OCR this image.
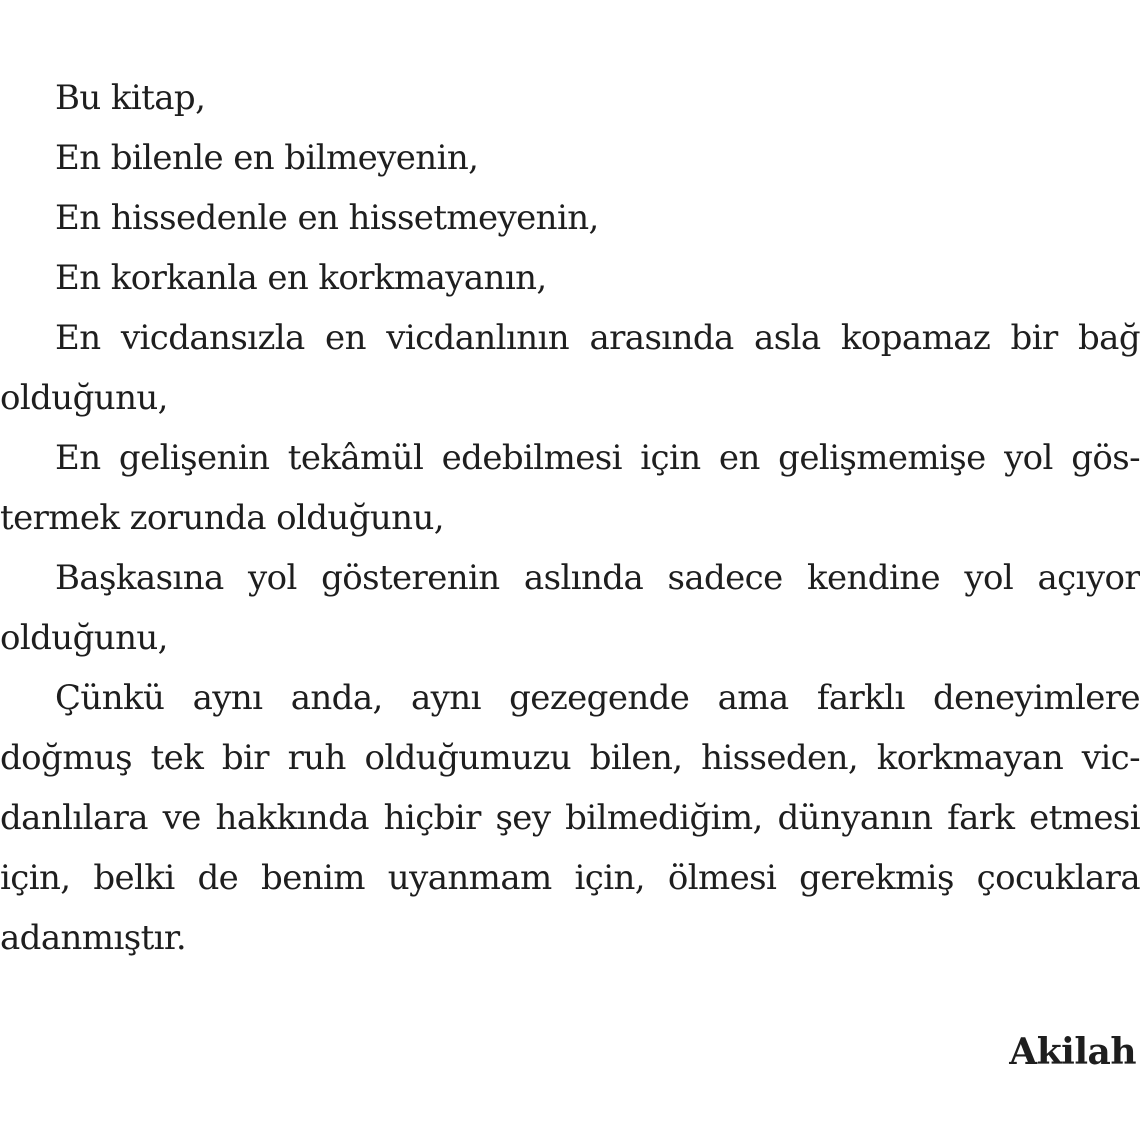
Bu kitap,
En bilenle en bilmeyenin,
En hissedenle en hissetmeyenin,
En korkanla en korkmayanın,
En vicdansızla en vicdanlının arasında asla kopamaz bir bağ
olduğunu,
En gelişenin tekâmül edebilmesi için en gelişmemişe yol gös-
termek zorunda olduğunu,
Başkasına yol gösterenin aslında sadece kendine yol açıyor
olduğunu,
Çünkü aynı anda, aynı gezegende ama farklı deneyimlere
doğmuş tek bir ruh olduğumuzu bilen, hisseden, korkmayan vic-
danlılara ve hakkında hiçbir şey bilmediğim, dünyanın fark etmesi
için, belki de benim uyanmam için, ölmesi gerekmiş çocuklara
adanmıştır.
Akilah
